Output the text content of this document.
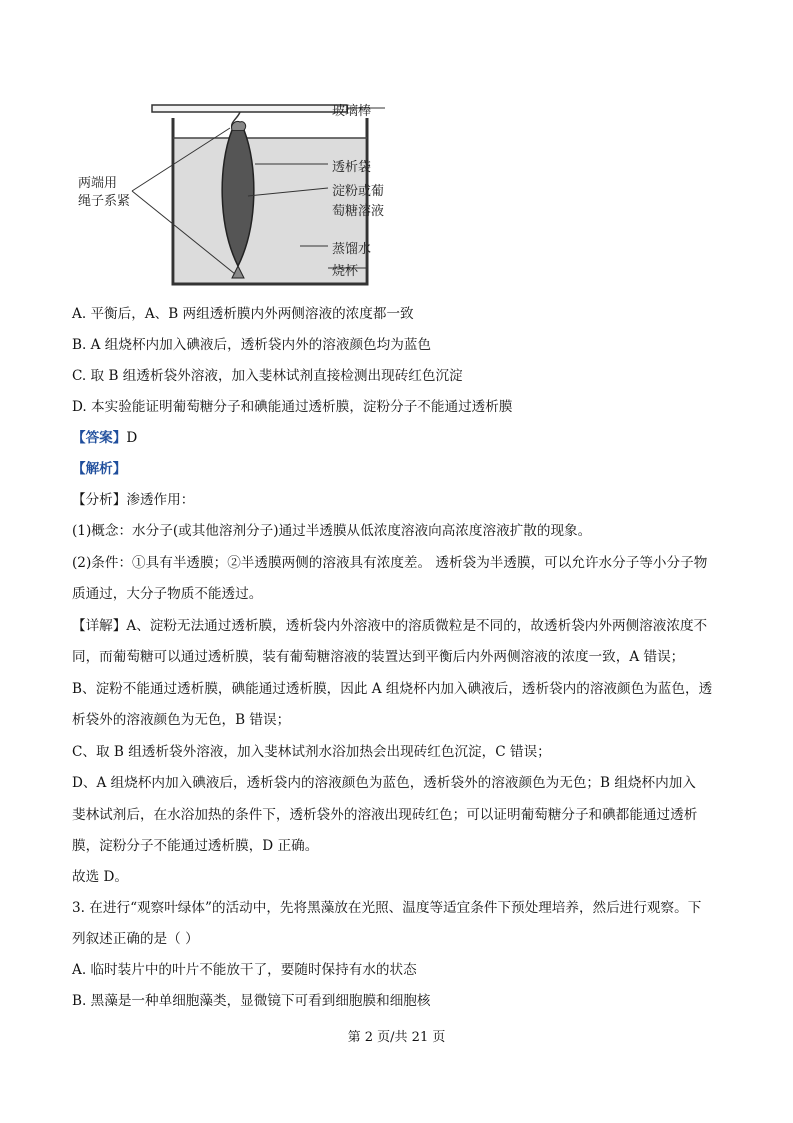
玻璃棒
透析袋
淀粉或葡
萄糖溶液
蒸馏水
烧杯
两端用
绳子系紧
A. 平衡后，A、B 两组透析膜内外两侧溶液的浓度都一致
B. A 组烧杯内加入碘液后，透析袋内外的溶液颜色均为蓝色
C. 取 B 组透析袋外溶液，加入斐林试剂直接检测出现砖红色沉淀
D. 本实验能证明葡萄糖分子和碘能通过透析膜，淀粉分子不能通过透析膜
【答案】D
【解析】
【分析】渗透作用：
(1)概念：水分子(或其他溶剂分子)通过半透膜从低浓度溶液向高浓度溶液扩散的现象。
(2)条件：①具有半透膜；②半透膜两侧的溶液具有浓度差。 透析袋为半透膜，可以允许水分子等小分子物
质通过，大分子物质不能透过。
【详解】A、淀粉无法通过透析膜，透析袋内外溶液中的溶质微粒是不同的，故透析袋内外两侧溶液浓度不
同，而葡萄糖可以通过透析膜，装有葡萄糖溶液的装置达到平衡后内外两侧溶液的浓度一致，A 错误；
B、淀粉不能通过透析膜，碘能通过透析膜，因此 A 组烧杯内加入碘液后，透析袋内的溶液颜色为蓝色，透
析袋外的溶液颜色为无色，B 错误；
C、取 B 组透析袋外溶液，加入斐林试剂水浴加热会出现砖红色沉淀，C 错误；
D、A 组烧杯内加入碘液后，透析袋内的溶液颜色为蓝色，透析袋外的溶液颜色为无色；B 组烧杯内加入
斐林试剂后，在水浴加热的条件下，透析袋外的溶液出现砖红色；可以证明葡萄糖分子和碘都能通过透析
膜，淀粉分子不能通过透析膜，D 正确。
故选 D。
3. 在进行“观察叶绿体”的活动中，先将黑藻放在光照、温度等适宜条件下预处理培养，然后进行观察。下
列叙述正确的是（ ）
A. 临时装片中的叶片不能放干了，要随时保持有水的状态
B. 黑藻是一种单细胞藻类，显微镜下可看到细胞膜和细胞核
第 2 页/共 21 页
